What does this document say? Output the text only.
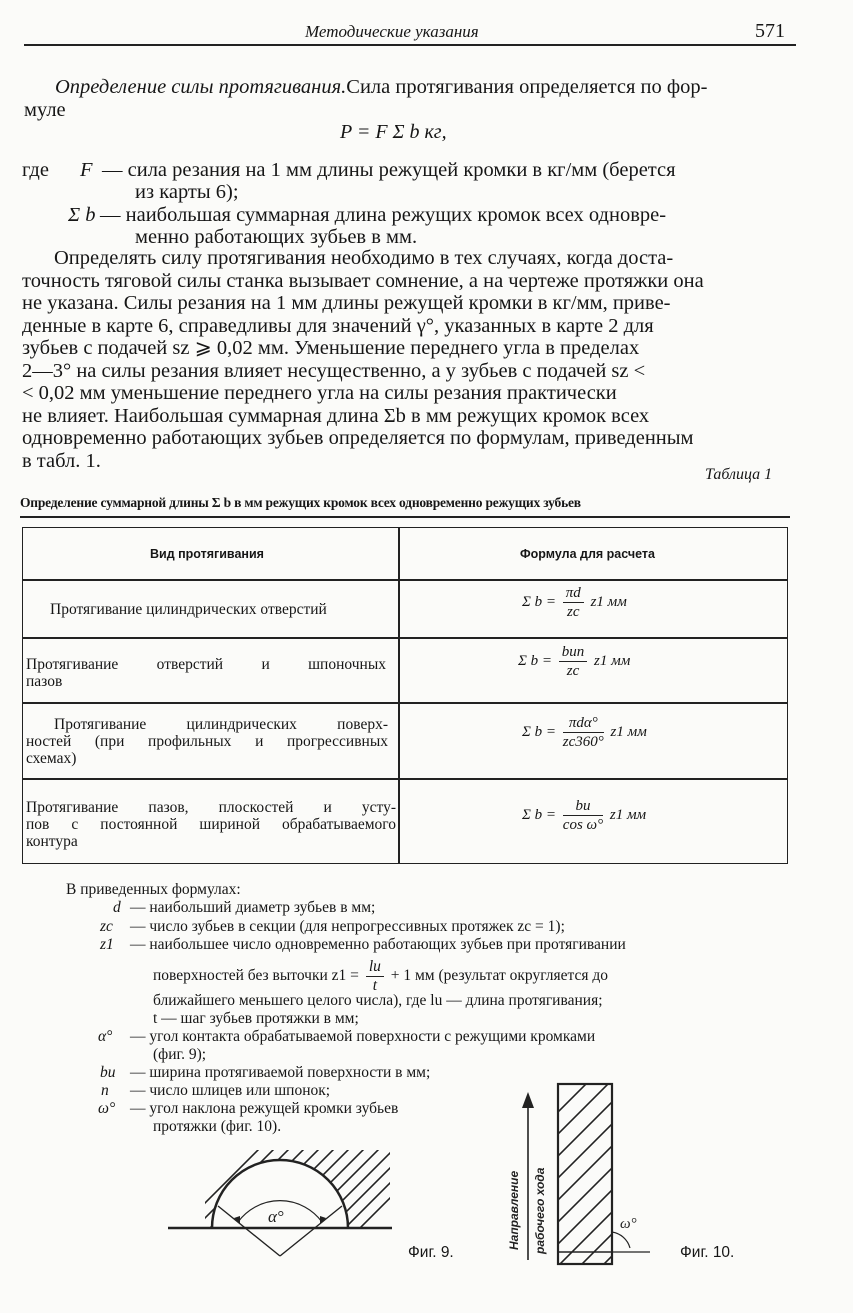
Методические указания	571
Определение силы протягивания.Сила протягивания определяется по фор-
муле
P = F Σ b кг,
где F — сила резания на 1 мм длины режущей кромки в кг/мм (берется
из карты 6);
Σ b — наибольшая суммарная длина режущих кромок всех одновре-
менно работающих зубьев в мм.
Определять силу протягивания необходимо в тех случаях, когда доста-
точность тяговой силы станка вызывает сомнение, а на чертеже протяжки она
не указана. Силы резания на 1 мм длины режущей кромки в кг/мм, приве-
денные в карте 6, справедливы для значений γ°, указанных в карте 2 для
зубьев с подачей sz ⩾ 0,02 мм. Уменьшение переднего угла в пределах
2—3° на силы резания влияет несущественно, а у зубьев с подачей sz <
< 0,02 мм уменьшение переднего угла на силы резания практически
не влияет. Наибольшая суммарная длина Σb в мм режущих кромок всех
одновременно работающих зубьев определяется по формулам, приведенным
в табл. 1.
Таблица 1
Определение суммарной длины Σ b в мм режущих кромок всех одновременно режущих зубьев
Вид протягивания	Формула для расчета
Протягивание цилиндрических отверстий	Σ $b = \frac{\pi d}{zc} z1$ мм
Протягивание отверстий и шпоночных
пазов
Σ $b = \frac{\text{buп}}{zc} z1$ мм
Протягивание цилиндрических поверх-
ностей (при профильных и прогрессивных
схемах)
Σ $b = \frac{\text{πdα°}}{zc360^\circ} z1$ мм
Протягивание пазов, плоскостей и усту-
пов с постоянной шириной обрабатываемого
контура
Σ $b = \frac{bu}{\text{cos ω°}} z1$ мм
В приведенных формулах:
d — наибольший диаметр зубьев в мм;
zc — число зубьев в секции (для непрогрессивных протяжек zc = 1);
z1 — наибольшее число одновременно работающих зубьев при протягивании
поверхностей без выточки $z1 = \frac{lu}{t} + 1$ мм (результат округляется до
ближайшего меньшего целого числа), где lu — длина протягивания;
t — шаг зубьев протяжки в мм;
α° — угол контакта обрабатываемой поверхности с режущими кромками
(фиг. 9);
bu — ширина протягиваемой поверхности в мм;
n — число шлицев или шпонок;
ω° — угол наклона режущей кромки зубьев
протяжки (фиг. 10).
α°
Фиг. 9.
ω°
Направление рабочего хода	Фиг. 10.
